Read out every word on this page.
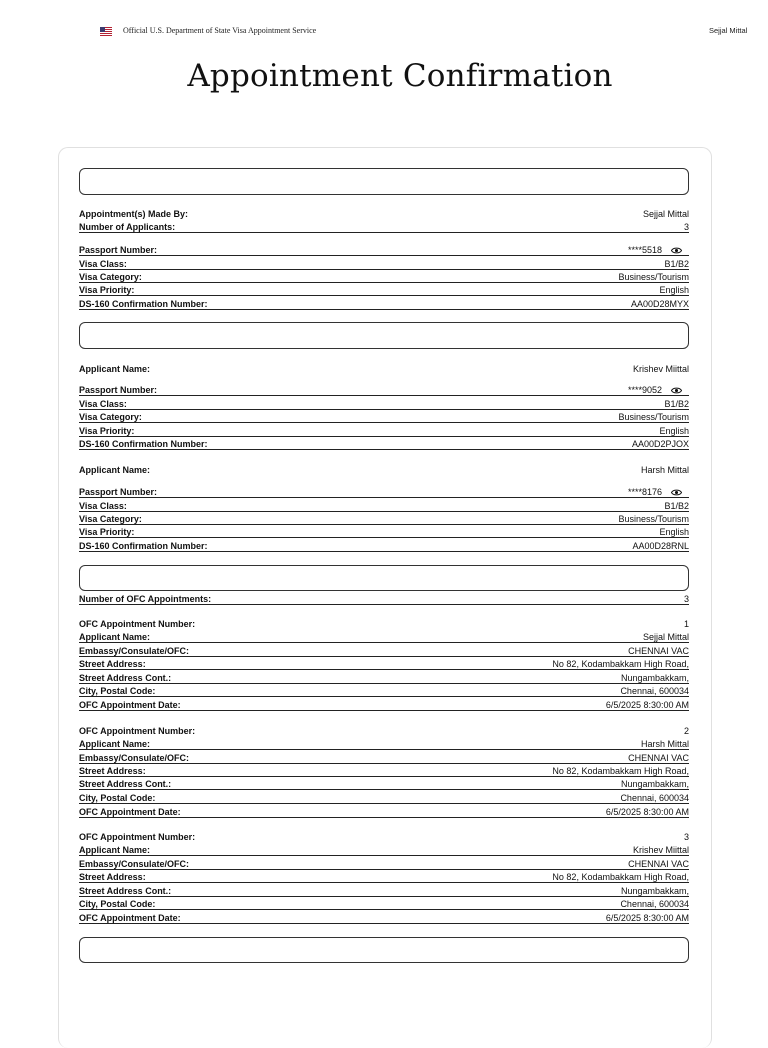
Official U.S. Department of State Visa Appointment Service	Sejjal Mittal
Appointment Confirmation
Appointment(s) Made By:	Sejjal Mittal
Number of Applicants:	3
Passport Number:	****5518
Visa Class:	B1/B2
Visa Category:	Business/Tourism
Visa Priority:	English
DS-160 Confirmation Number:	AA00D28MYX
Applicant Name:	Krishev Miittal
Passport Number:	****9052
Visa Class:	B1/B2
Visa Category:	Business/Tourism
Visa Priority:	English
DS-160 Confirmation Number:	AA00D2PJOX
Applicant Name:	Harsh Mittal
Passport Number:	****8176
Visa Class:	B1/B2
Visa Category:	Business/Tourism
Visa Priority:	English
DS-160 Confirmation Number:	AA00D28RNL
Number of OFC Appointments:	3
OFC Appointment Number:	1
Applicant Name:	Sejjal Mittal
Embassy/Consulate/OFC:	CHENNAI VAC
Street Address:	No 82, Kodambakkam High Road,
Street Address Cont.:	Nungambakkam,
City, Postal Code:	Chennai, 600034
OFC Appointment Date:	6/5/2025 8:30:00 AM
OFC Appointment Number:	2
Applicant Name:	Harsh Mittal
Embassy/Consulate/OFC:	CHENNAI VAC
Street Address:	No 82, Kodambakkam High Road,
Street Address Cont.:	Nungambakkam,
City, Postal Code:	Chennai, 600034
OFC Appointment Date:	6/5/2025 8:30:00 AM
OFC Appointment Number:	3
Applicant Name:	Krishev Miittal
Embassy/Consulate/OFC:	CHENNAI VAC
Street Address:	No 82, Kodambakkam High Road,
Street Address Cont.:	Nungambakkam,
City, Postal Code:	Chennai, 600034
OFC Appointment Date:	6/5/2025 8:30:00 AM
